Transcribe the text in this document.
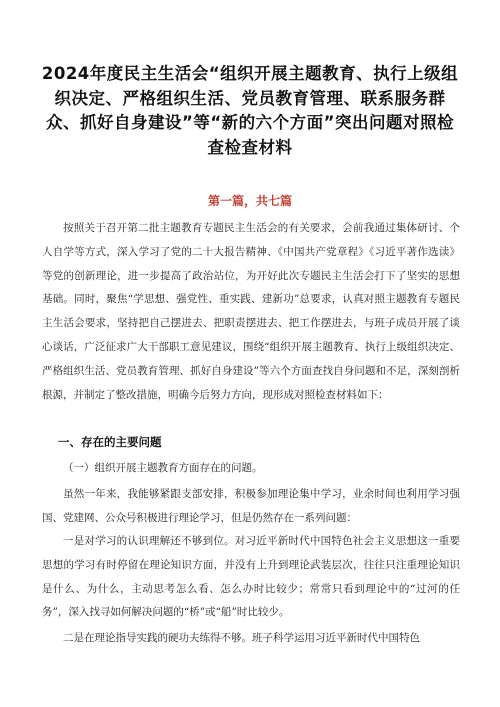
2024年度民主生活会“组织开展主题教育、执行上级组织决定、严格组织生活、党员教育管理、联系服务群众、抓好自身建设”等“新的六个方面”突出问题对照检查检查材料

第一篇，共七篇

按照关于召开第二批主题教育专题民主生活会的有关要求，会前我通过集体研讨、个人自学等方式，深入学习了党的二十大报告精神、《中国共产党章程》《习近平著作选读》等党的创新理论，进一步提高了政治站位，为开好此次专题民主生活会打下了坚实的思想基础。同时，聚焦“学思想、强党性、重实践、建新功”总要求，认真对照主题教育专题民主生活会要求，坚持把自己摆进去、把职责摆进去、把工作摆进去，与班子成员开展了谈心谈话，广泛征求广大干部职工意见建议，围绕“组织开展主题教育、执行上级组织决定、严格组织生活、党员教育管理、抓好自身建设”等六个方面查找自身问题和不足，深刻剖析根源，并制定了整改措施，明确今后努力方向，现形成对照检查材料如下：

一、存在的主要问题

（一）组织开展主题教育方面存在的问题。

虽然一年来，我能够紧跟支部安排，积极参加理论集中学习，业余时间也利用学习强国、党建网、公众号积极进行理论学习，但是仍然存在一系列问题：

一是对学习的认识理解还不够到位。对习近平新时代中国特色社会主义思想这一重要思想的学习有时停留在理论知识方面，并没有上升到理论武装层次，往往只注重理论知识是什么、为什么，主动思考怎么看、怎么办时比较少；常常只看到理论中的“过河的任务”，深入找寻如何解决问题的“桥”或“船”时比较少。

二是在理论指导实践的硬功夫练得不够。班子科学运用习近平新时代中国特色
